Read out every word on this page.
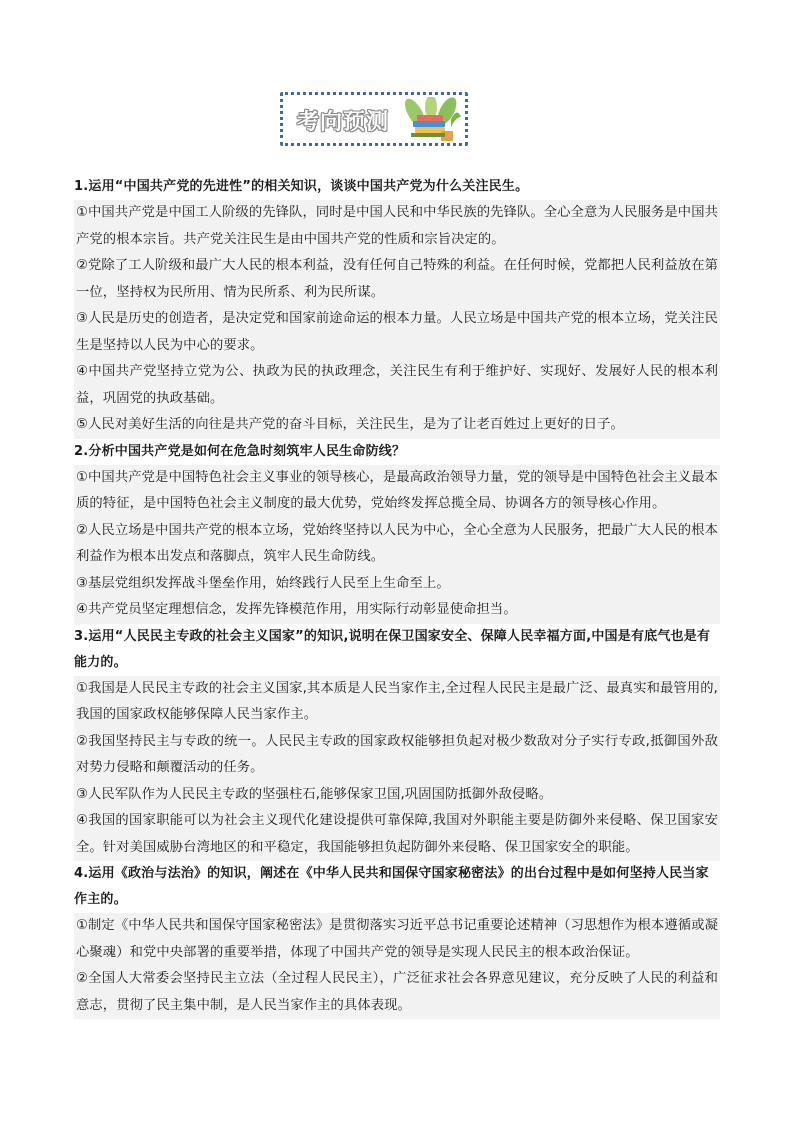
考向预测

1.运用“中国共产党的先进性”的相关知识，谈谈中国共产党为什么关注民生。

①中国共产党是中国工人阶级的先锋队，同时是中国人民和中华民族的先锋队。全心全意为人民服务是中国共产党的根本宗旨。共产党关注民生是由中国共产党的性质和宗旨决定的。

②党除了工人阶级和最广大人民的根本利益，没有任何自己特殊的利益。在任何时候，党都把人民利益放在第一位，坚持权为民所用、情为民所系、利为民所谋。

③人民是历史的创造者，是决定党和国家前途命运的根本力量。人民立场是中国共产党的根本立场，党关注民生是坚持以人民为中心的要求。

④中国共产党坚持立党为公、执政为民的执政理念，关注民生有利于维护好、实现好、发展好人民的根本利益，巩固党的执政基础。

⑤人民对美好生活的向往是共产党的奋斗目标，关注民生，是为了让老百姓过上更好的日子。

2.分析中国共产党是如何在危急时刻筑牢人民生命防线？

①中国共产党是中国特色社会主义事业的领导核心，是最高政治领导力量，党的领导是中国特色社会主义最本质的特征，是中国特色社会主义制度的最大优势，党始终发挥总揽全局、协调各方的领导核心作用。

②人民立场是中国共产党的根本立场，党始终坚持以人民为中心，全心全意为人民服务，把最广大人民的根本利益作为根本出发点和落脚点，筑牢人民生命防线。

③基层党组织发挥战斗堡垒作用，始终践行人民至上生命至上。

④共产党员坚定理想信念，发挥先锋模范作用，用实际行动彰显使命担当。

3.运用“人民民主专政的社会主义国家”的知识,说明在保卫国家安全、保障人民幸福方面,中国是有底气也是有能力的。

①我国是人民民主专政的社会主义国家,其本质是人民当家作主,全过程人民民主是最广泛、最真实和最管用的,我国的国家政权能够保障人民当家作主。

②我国坚持民主与专政的统一。人民民主专政的国家政权能够担负起对极少数敌对分子实行专政,抵御国外敌对势力侵略和颠覆活动的任务。

③人民军队作为人民民主专政的坚强柱石,能够保家卫国,巩固国防抵御外敌侵略。

④我国的国家职能可以为社会主义现代化建设提供可靠保障,我国对外职能主要是防御外来侵略、保卫国家安全。针对美国威胁台湾地区的和平稳定，我国能够担负起防御外来侵略、保卫国家安全的职能。

4.运用《政治与法治》的知识，阐述在《中华人民共和国保守国家秘密法》的出台过程中是如何坚持人民当家作主的。

①制定《中华人民共和国保守国家秘密法》是贯彻落实习近平总书记重要论述精神（习思想作为根本遵循或凝心聚魂）和党中央部署的重要举措，体现了中国共产党的领导是实现人民民主的根本政治保证。

②全国人大常委会坚持民主立法（全过程人民民主），广泛征求社会各界意见建议，充分反映了人民的利益和意志，贯彻了民主集中制，是人民当家作主的具体表现。
